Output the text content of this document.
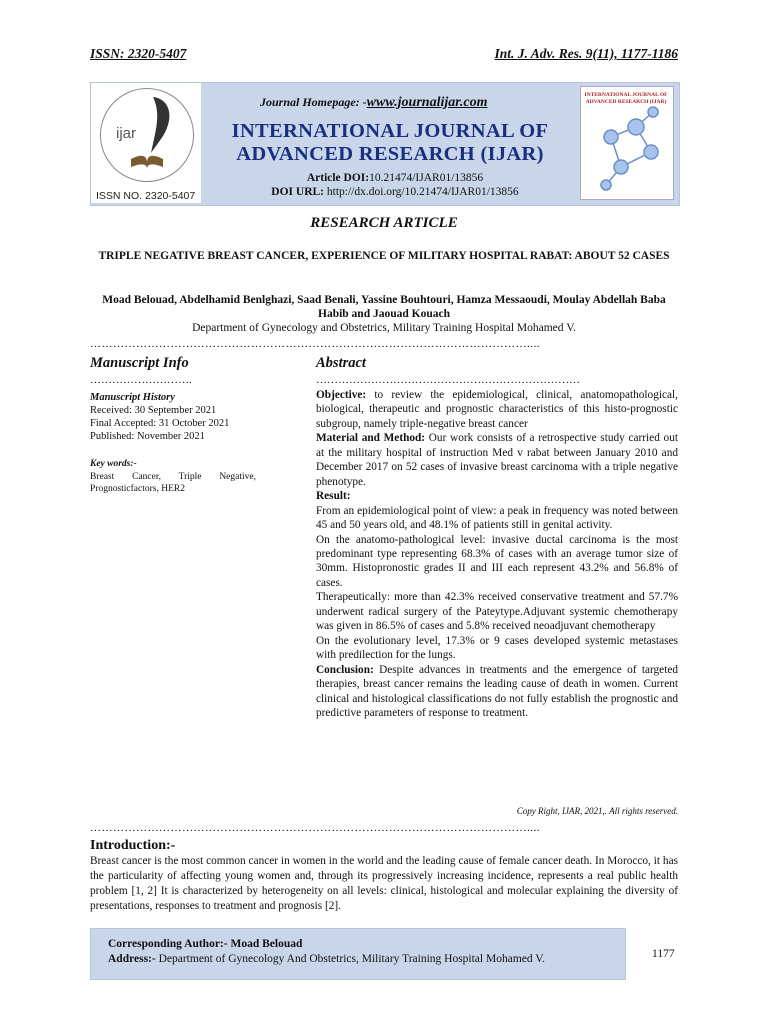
ISSN: 2320-5407	Int. J. Adv. Res. 9(11), 1177-1186
ijar
ISSN NO. 2320-5407
Journal Homepage: -www.journalijar.com
INTERNATIONAL JOURNAL OF ADVANCED RESEARCH (IJAR)
Article DOI:10.21474/IJAR01/13856
DOI URL: http://dx.doi.org/10.21474/IJAR01/13856
INTERNATIONAL JOURNAL OF ADVANCED RESEARCH (IJAR)
RESEARCH ARTICLE
TRIPLE NEGATIVE BREAST CANCER, EXPERIENCE OF MILITARY HOSPITAL RABAT: ABOUT 52 CASES
Moad Belouad, Abdelhamid Benlghazi, Saad Benali, Yassine Bouhtouri, Hamza Messaoudi, Moulay Abdellah Baba Habib and Jaouad Kouach
Department of Gynecology and Obstetrics, Military Training Hospital Mohamed V.
……………………………………………………………………………………………………....
Manuscript Info
……………………….
Manuscript History
Received: 30 September 2021
Final Accepted: 31 October 2021
Published: November 2021
Key words:-
Breast Cancer, Triple Negative, Prognosticfactors, HER2
Abstract
………………………………………………………………

Objective: to review the epidemiological, clinical, anatomopathological, biological, therapeutic and prognostic characteristics of this histo-prognostic subgroup, namely triple-negative breast cancer

Material and Method: Our work consists of a retrospective study carried out at the military hospital of instruction Med v rabat between January 2010 and December 2017 on 52 cases of invasive breast carcinoma with a triple negative phenotype.

Result:

From an epidemiological point of view: a peak in frequency was noted between 45 and 50 years old, and 48.1% of patients still in genital activity.

On the anatomo-pathological level: invasive ductal carcinoma is the most predominant type representing 68.3% of cases with an average tumor size of 30mm. Histopronostic grades II and III each represent 43.2% and 56.8% of cases.

Therapeutically: more than 42.3% received conservative treatment and 57.7% underwent radical surgery of the Pateytype.Adjuvant systemic chemotherapy was given in 86.5% of cases and 5.8% received neoadjuvant chemotherapy

On the evolutionary level, 17.3% or 9 cases developed systemic metastases with predilection for the lungs.

Conclusion: Despite advances in treatments and the emergence of targeted therapies, breast cancer remains the leading cause of death in women. Current clinical and histological classifications do not fully establish the prognostic and predictive parameters of response to treatment.

Copy Right, IJAR, 2021,. All rights reserved.
……………………………………………………………………………………………………....
Introduction:-
Breast cancer is the most common cancer in women in the world and the leading cause of female cancer death. In Morocco, it has the particularity of affecting young women and, through its progressively increasing incidence, represents a real public health problem [1, 2] It is characterized by heterogeneity on all levels: clinical, histological and molecular explaining the diversity of presentations, responses to treatment and prognosis [2].
Corresponding Author:- Moad Belouad
Address:- Department of Gynecology And Obstetrics, Military Training Hospital Mohamed V.	1177
